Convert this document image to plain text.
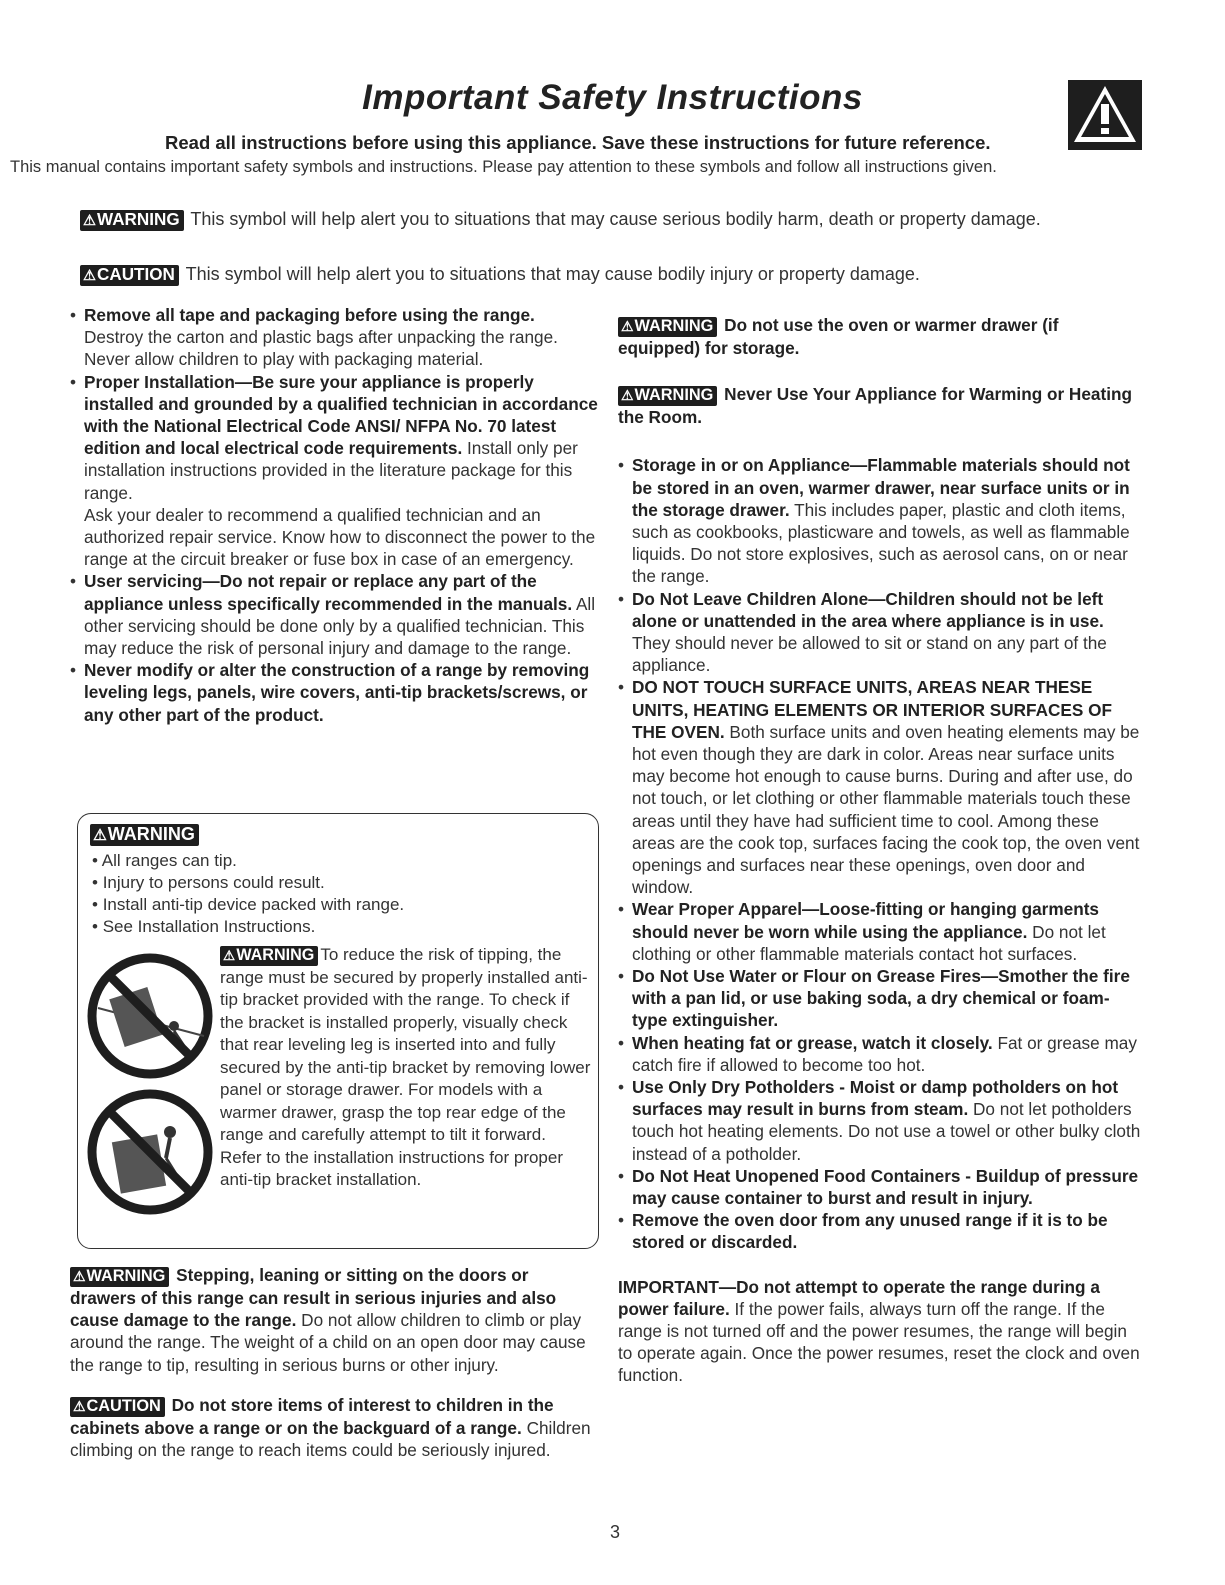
Important Safety Instructions
Read all instructions before using this appliance. Save these instructions for future reference.
This manual contains important safety symbols and instructions. Please pay attention to these symbols and follow all instructions given.
⚠WARNING This symbol will help alert you to situations that may cause serious bodily harm, death or property damage.
⚠CAUTION This symbol will help alert you to situations that may cause bodily injury or property damage.

• Remove all tape and packaging before using the range. Destroy the carton and plastic bags after unpacking the range. Never allow children to play with packaging material.

• Proper Installation—Be sure your appliance is properly installed and grounded by a qualified technician in accordance with the National Electrical Code ANSI/ NFPA No. 70 latest edition and local electrical code requirements. Install only per installation instructions provided in the literature package for this range.

Ask your dealer to recommend a qualified technician and an authorized repair service. Know how to disconnect the power to the range at the circuit breaker or fuse box in case of an emergency.

• User servicing—Do not repair or replace any part of the appliance unless specifically recommended in the manuals. All other servicing should be done only by a qualified technician. This may reduce the risk of personal injury and damage to the range.

• Never modify or alter the construction of a range by removing leveling legs, panels, wire covers, anti-tip brackets/screws, or any other part of the product.

⚠WARNING
• All ranges can tip.
• Injury to persons could result.
• Install anti-tip device packed with range.
• See Installation Instructions.
⚠WARNING To reduce the risk of tipping, the range must be secured by properly installed anti-tip bracket provided with the range. To check if the bracket is installed properly, visually check that rear leveling leg is inserted into and fully secured by the anti-tip bracket by removing lower panel or storage drawer. For models with a warmer drawer, grasp the top rear edge of the range and carefully attempt to tilt it forward. Refer to the installation instructions for proper anti-tip bracket installation.

⚠WARNING Stepping, leaning or sitting on the doors or drawers of this range can result in serious injuries and also cause damage to the range. Do not allow children to climb or play around the range. The weight of a child on an open door may cause the range to tip, resulting in serious burns or other injury.

⚠CAUTION Do not store items of interest to children in the cabinets above a range or on the backguard of a range. Children climbing on the range to reach items could be seriously injured.

⚠WARNING Do not use the oven or warmer drawer (if equipped) for storage.

⚠WARNING Never Use Your Appliance for Warming or Heating the Room.

• Storage in or on Appliance—Flammable materials should not be stored in an oven, warmer drawer, near surface units or in the storage drawer. This includes paper, plastic and cloth items, such as cookbooks, plasticware and towels, as well as flammable liquids. Do not store explosives, such as aerosol cans, on or near the range.

• Do Not Leave Children Alone—Children should not be left alone or unattended in the area where appliance is in use. They should never be allowed to sit or stand on any part of the appliance.

• DO NOT TOUCH SURFACE UNITS, AREAS NEAR THESE UNITS, HEATING ELEMENTS OR INTERIOR SURFACES OF THE OVEN. Both surface units and oven heating elements may be hot even though they are dark in color. Areas near surface units may become hot enough to cause burns. During and after use, do not touch, or let clothing or other flammable materials touch these areas until they have had sufficient time to cool. Among these areas are the cook top, surfaces facing the cook top, the oven vent openings and surfaces near these openings, oven door and window.

• Wear Proper Apparel—Loose-fitting or hanging garments should never be worn while using the appliance. Do not let clothing or other flammable materials contact hot surfaces.

• Do Not Use Water or Flour on Grease Fires—Smother the fire with a pan lid, or use baking soda, a dry chemical or foam-type extinguisher.

• When heating fat or grease, watch it closely. Fat or grease may catch fire if allowed to become too hot.

• Use Only Dry Potholders - Moist or damp potholders on hot surfaces may result in burns from steam. Do not let potholders touch hot heating elements. Do not use a towel or other bulky cloth instead of a potholder.

• Do Not Heat Unopened Food Containers - Buildup of pressure may cause container to burst and result in injury.

• Remove the oven door from any unused range if it is to be stored or discarded.

IMPORTANT—Do not attempt to operate the range during a power failure. If the power fails, always turn off the range. If the range is not turned off and the power resumes, the range will begin to operate again. Once the power resumes, reset the clock and oven function.

3
